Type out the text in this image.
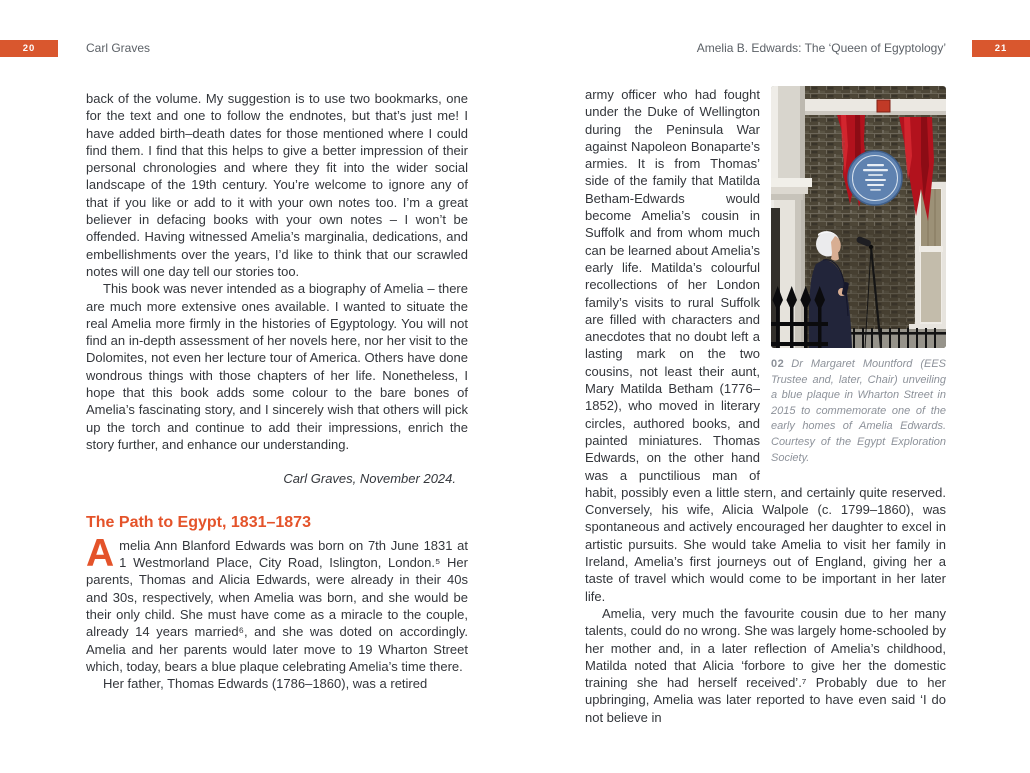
20	Carl Graves	Amelia B. Edwards: The ‘Queen of Egyptology’	21

back of the volume. My suggestion is to use two bookmarks, one for the text and one to follow the endnotes, but that’s just me! I have added birth–death dates for those mentioned where I could find them. I find that this helps to give a better impression of their personal chronologies and where they fit into the wider social landscape of the 19th century. You’re welcome to ignore any of that if you like or add to it with your own notes too. I’m a great believer in defacing books with your own notes – I won’t be offended. Having witnessed Amelia’s marginalia, dedications, and embellishments over the years, I’d like to think that our scrawled notes will one day tell our stories too.

This book was never intended as a biography of Amelia – there are much more extensive ones available. I wanted to situate the real Amelia more firmly in the histories of Egyptology. You will not find an in-depth assessment of her novels here, nor her visit to the Dolomites, not even her lecture tour of America. Others have done wondrous things with those chapters of her life. Nonetheless, I hope that this book adds some colour to the bare bones of Amelia’s fascinating story, and I sincerely wish that others will pick up the torch and continue to add their impressions, enrich the story further, and enhance our understanding.

Carl Graves, November 2024.

The Path to Egypt, 1831–1873

Amelia Ann Blanford Edwards was born on 7th June 1831 at 1 Westmorland Place, City Road, Islington, London.⁵ Her parents, Thomas and Alicia Edwards, were already in their 40s and 30s, respectively, when Amelia was born, and she would be their only child. She must have come as a miracle to the couple, already 14 years married⁶, and she was doted on accordingly. Amelia and her parents would later move to 19 Wharton Street which, today, bears a blue plaque celebrating Amelia’s time there.

Her father, Thomas Edwards (1786–1860), was a retired

02 Dr Margaret Mountford (EES Trustee and, later, Chair) unveiling a blue plaque in Wharton Street in 2015 to commemorate one of the early homes of Amelia Edwards. Courtesy of the Egypt Exploration Society.

army officer who had fought under the Duke of Wellington during the Peninsula War against Napoleon Bonaparte’s armies. It is from Thomas’ side of the family that Matilda Betham-Edwards would become Amelia’s cousin in Suffolk and from whom much can be learned about Amelia’s early life. Matilda’s colourful recollections of her London family’s visits to rural Suffolk are filled with characters and anecdotes that no doubt left a lasting mark on the two cousins, not least their aunt, Mary Matilda Betham (1776–1852), who moved in literary circles, authored books, and painted miniatures. Thomas Edwards, on the other hand was a punctilious man of habit, possibly even a little stern, and certainly quite reserved. Conversely, his wife, Alicia Walpole (c. 1799–1860), was spontaneous and actively encouraged her daughter to excel in artistic pursuits. She would take Amelia to visit her family in Ireland, Amelia’s first journeys out of England, giving her a taste of travel which would come to be important in her later life.

Amelia, very much the favourite cousin due to her many talents, could do no wrong. She was largely home-schooled by her mother and, in a later reflection of Amelia’s childhood, Matilda noted that Alicia ‘forbore to give her the domestic training she had herself received’.⁷ Probably due to her upbringing, Amelia was later reported to have even said ‘I do not believe in
